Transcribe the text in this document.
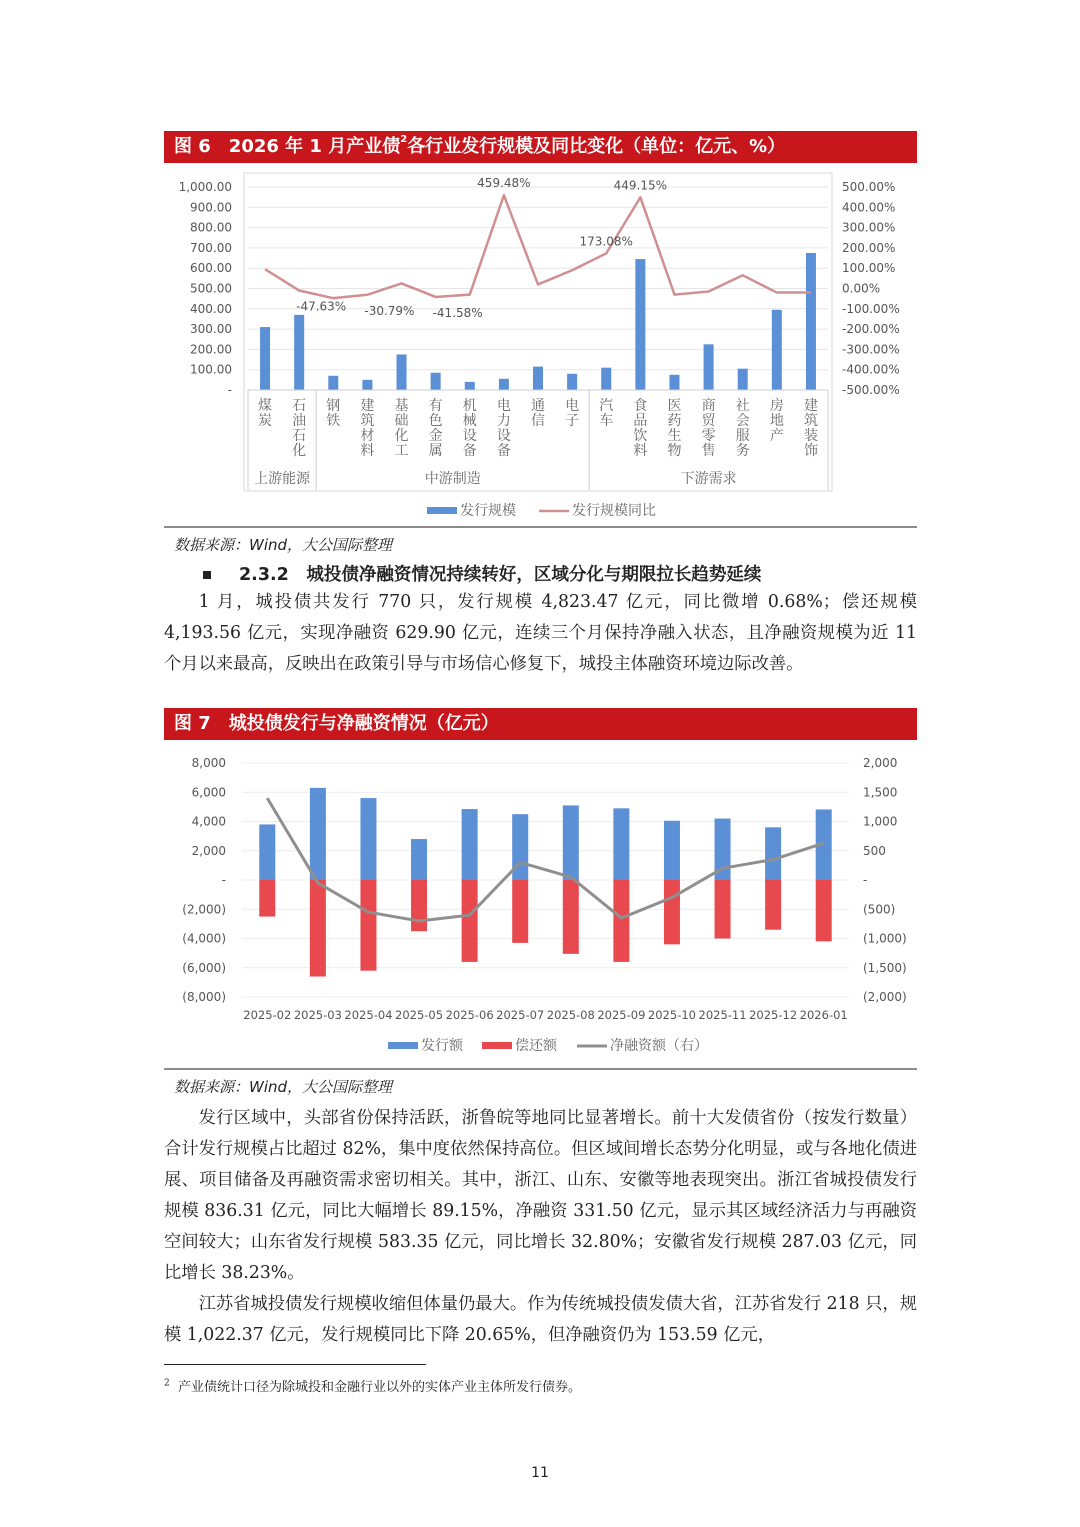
图 6　2026 年 1 月产业债$^2$各行业发行规模及同比变化（单位：亿元、%）
-
100.00
200.00
300.00
400.00
500.00
600.00
700.00
800.00
900.00
1,000.00
-500.00%
-400.00%
-300.00%
-200.00%
-100.00%
0.00%
100.00%
200.00%
300.00%
400.00%
500.00%
-47.63% -30.79% -41.58%
459.48%
173.08%
449.15%
煤炭
石油石化
钢铁
建筑材料
基础化工
有色金属
机械设备
电力设备
通信
电子
汽车
食品饮料
医药生物
商贸零售
社会服务
房地产
建筑装饰
上游能源	中游制造	下游需求
发行规模	发行规模同比
数据来源：Wind，大公国际整理
2.3.2　 城投债净融资情况持续转好，区域分化与期限拉长趋势延续

1 月，城投债共发行 770 只，发行规模 4,823.47 亿元，同比微增 0.68%；偿还规模 4,193.56 亿元，实现净融资 629.90 亿元，连续三个月保持净融入状态，且净融资规模为近 11 个月以来最高，反映出在政策引导与市场信心修复下，城投主体融资环境边际改善。

图 7　城投债发行与净融资情况（亿元）
(8,000)
(6,000)
(4,000)
(2,000)
-
2,000
4,000
6,000
8,000
(2,000)
(1,500)
(1,000)
(500)
-
500
1,000
1,500
2,000
2025-02 2025-03 2025-04 2025-05 2025-06 2025-07 2025-08 2025-09 2025-10 2025-11 2025-12 2026-01
发行额	偿还额	净融资额（右）
数据来源：Wind，大公国际整理

发行区域中，头部省份保持活跃，浙鲁皖等地同比显著增长。前十大发债省份（按发行数量）合计发行规模占比超过 82%，集中度依然保持高位。但区域间增长态势分化明显，或与各地化债进展、项目储备及再融资需求密切相关。其中，浙江、山东、安徽等地表现突出。浙江省城投债发行规模 836.31 亿元，同比大幅增长 89.15%，净融资 331.50 亿元，显示其区域经济活力与再融资空间较大；山东省发行规模 583.35 亿元，同比增长 32.80%；安徽省发行规模 287.03 亿元，同比增长 38.23%。

江苏省城投债发行规模收缩但体量仍最大。作为传统城投债发债大省，江苏省发行 218 只，规模 1,022.37 亿元，发行规模同比下降 20.65%，但净融资仍为 153.59 亿元，

$^2$ 产业债统计口径为除城投和金融行业以外的实体产业主体所发行债券。
11
